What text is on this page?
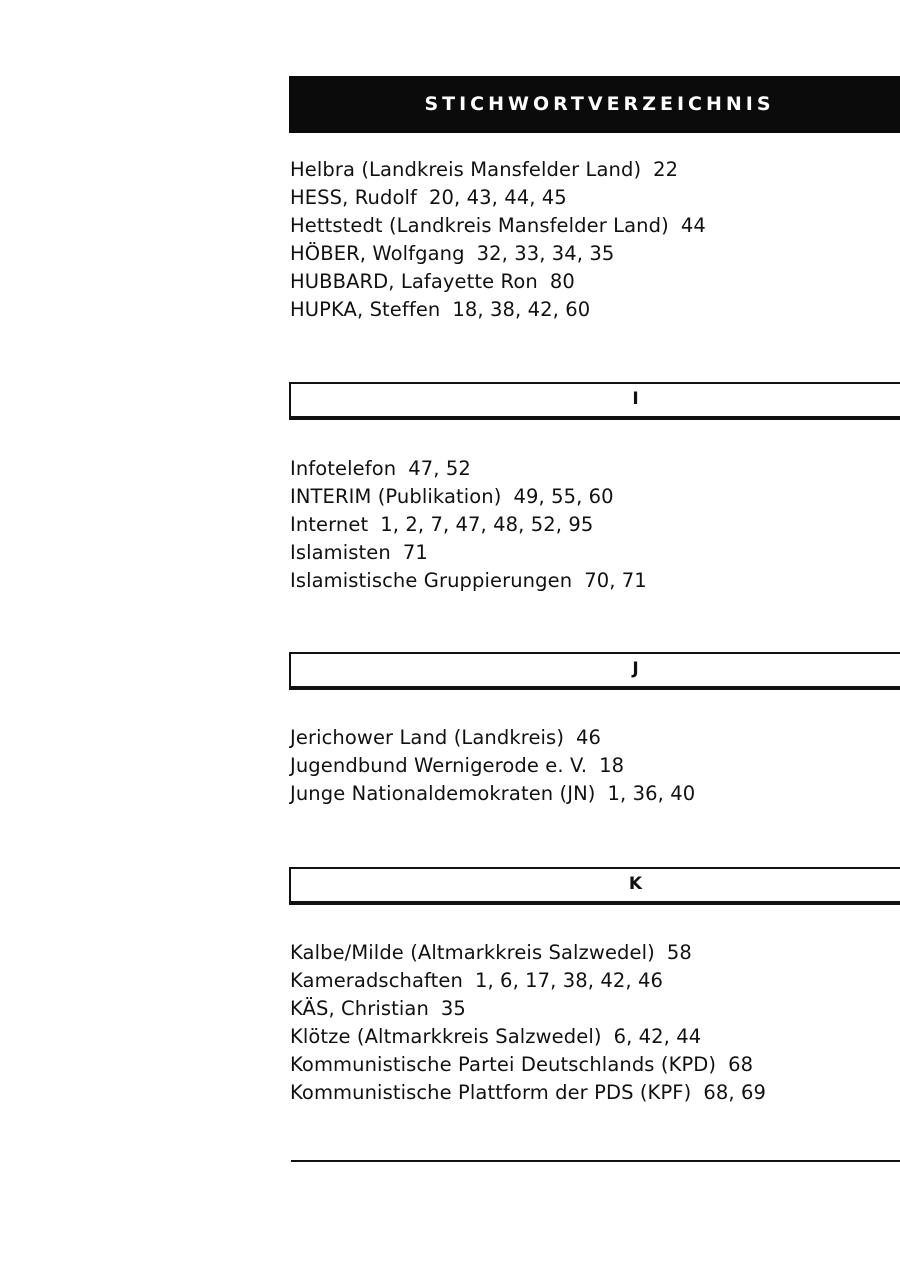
STICHWORTVERZEICHNIS
Helbra (Landkreis Mansfelder Land) 22
HESS, Rudolf 20, 43, 44, 45
Hettstedt (Landkreis Mansfelder Land) 44
HÖBER, Wolfgang 32, 33, 34, 35
HUBBARD, Lafayette Ron 80
HUPKA, Steffen 18, 38, 42, 60
I
Infotelefon 47, 52
INTERIM (Publikation) 49, 55, 60
Internet 1, 2, 7, 47, 48, 52, 95
Islamisten 71
Islamistische Gruppierungen 70, 71
J
Jerichower Land (Landkreis) 46
Jugendbund Wernigerode e. V. 18
Junge Nationaldemokraten (JN) 1, 36, 40
K
Kalbe/Milde (Altmarkkreis Salzwedel) 58
Kameradschaften 1, 6, 17, 38, 42, 46
KÄS, Christian 35
Klötze (Altmarkkreis Salzwedel) 6, 42, 44
Kommunistische Partei Deutschlands (KPD) 68
Kommunistische Plattform der PDS (KPF) 68, 69
